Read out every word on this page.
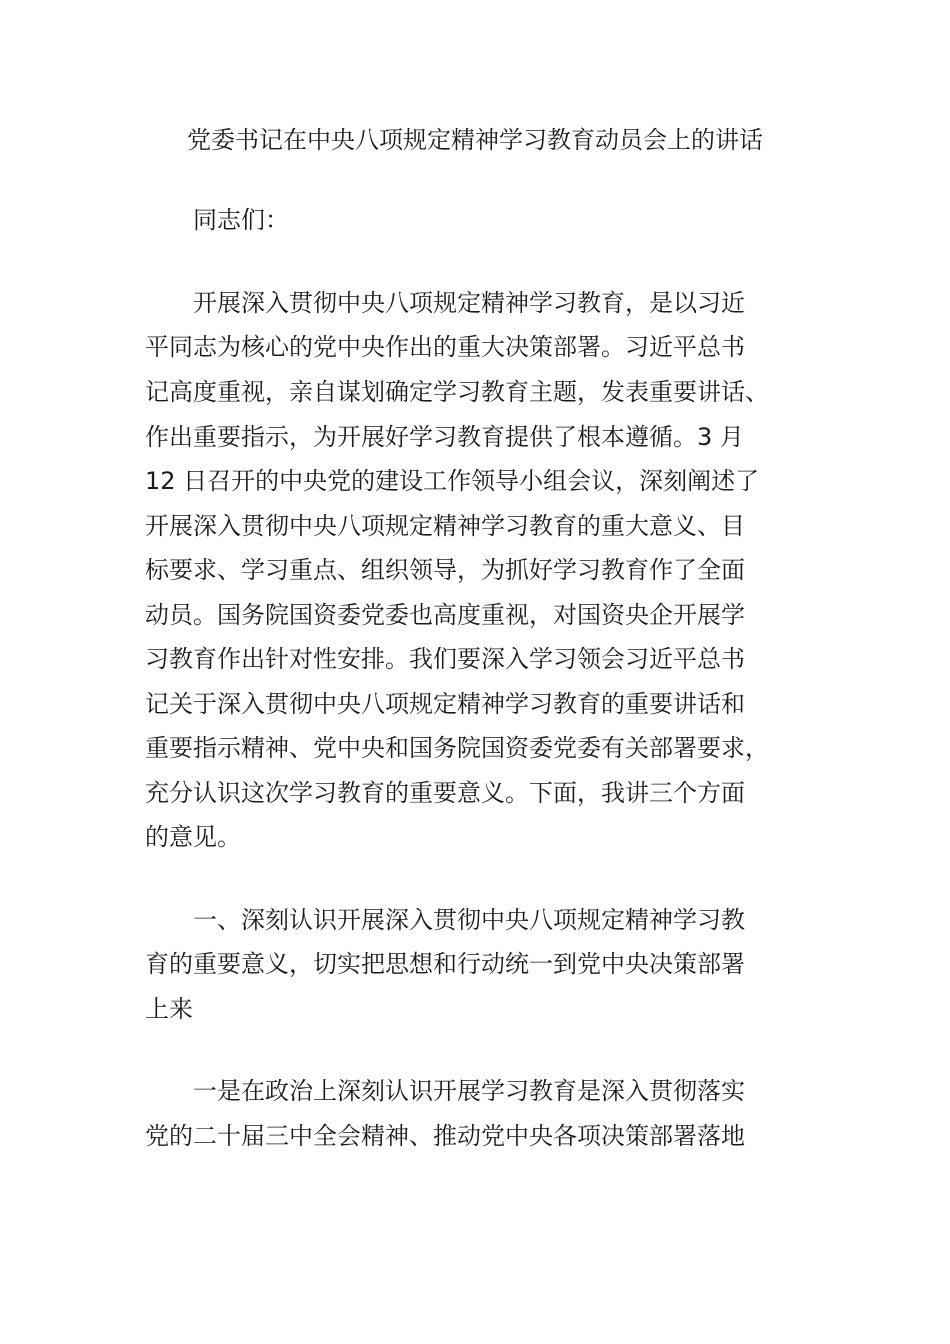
党委书记在中央八项规定精神学习教育动员会上的讲话
同志们：
开展深入贯彻中央八项规定精神学习教育，是以习近
平同志为核心的党中央作出的重大决策部署。习近平总书
记高度重视，亲自谋划确定学习教育主题，发表重要讲话、
作出重要指示，为开展好学习教育提供了根本遵循。3 月
12 日召开的中央党的建设工作领导小组会议，深刻阐述了
开展深入贯彻中央八项规定精神学习教育的重大意义、目
标要求、学习重点、组织领导，为抓好学习教育作了全面
动员。国务院国资委党委也高度重视，对国资央企开展学
习教育作出针对性安排。我们要深入学习领会习近平总书
记关于深入贯彻中央八项规定精神学习教育的重要讲话和
重要指示精神、党中央和国务院国资委党委有关部署要求，
充分认识这次学习教育的重要意义。下面，我讲三个方面
的意见。
一、深刻认识开展深入贯彻中央八项规定精神学习教
育的重要意义，切实把思想和行动统一到党中央决策部署
上来
一是在政治上深刻认识开展学习教育是深入贯彻落实
党的二十届三中全会精神、推动党中央各项决策部署落地
